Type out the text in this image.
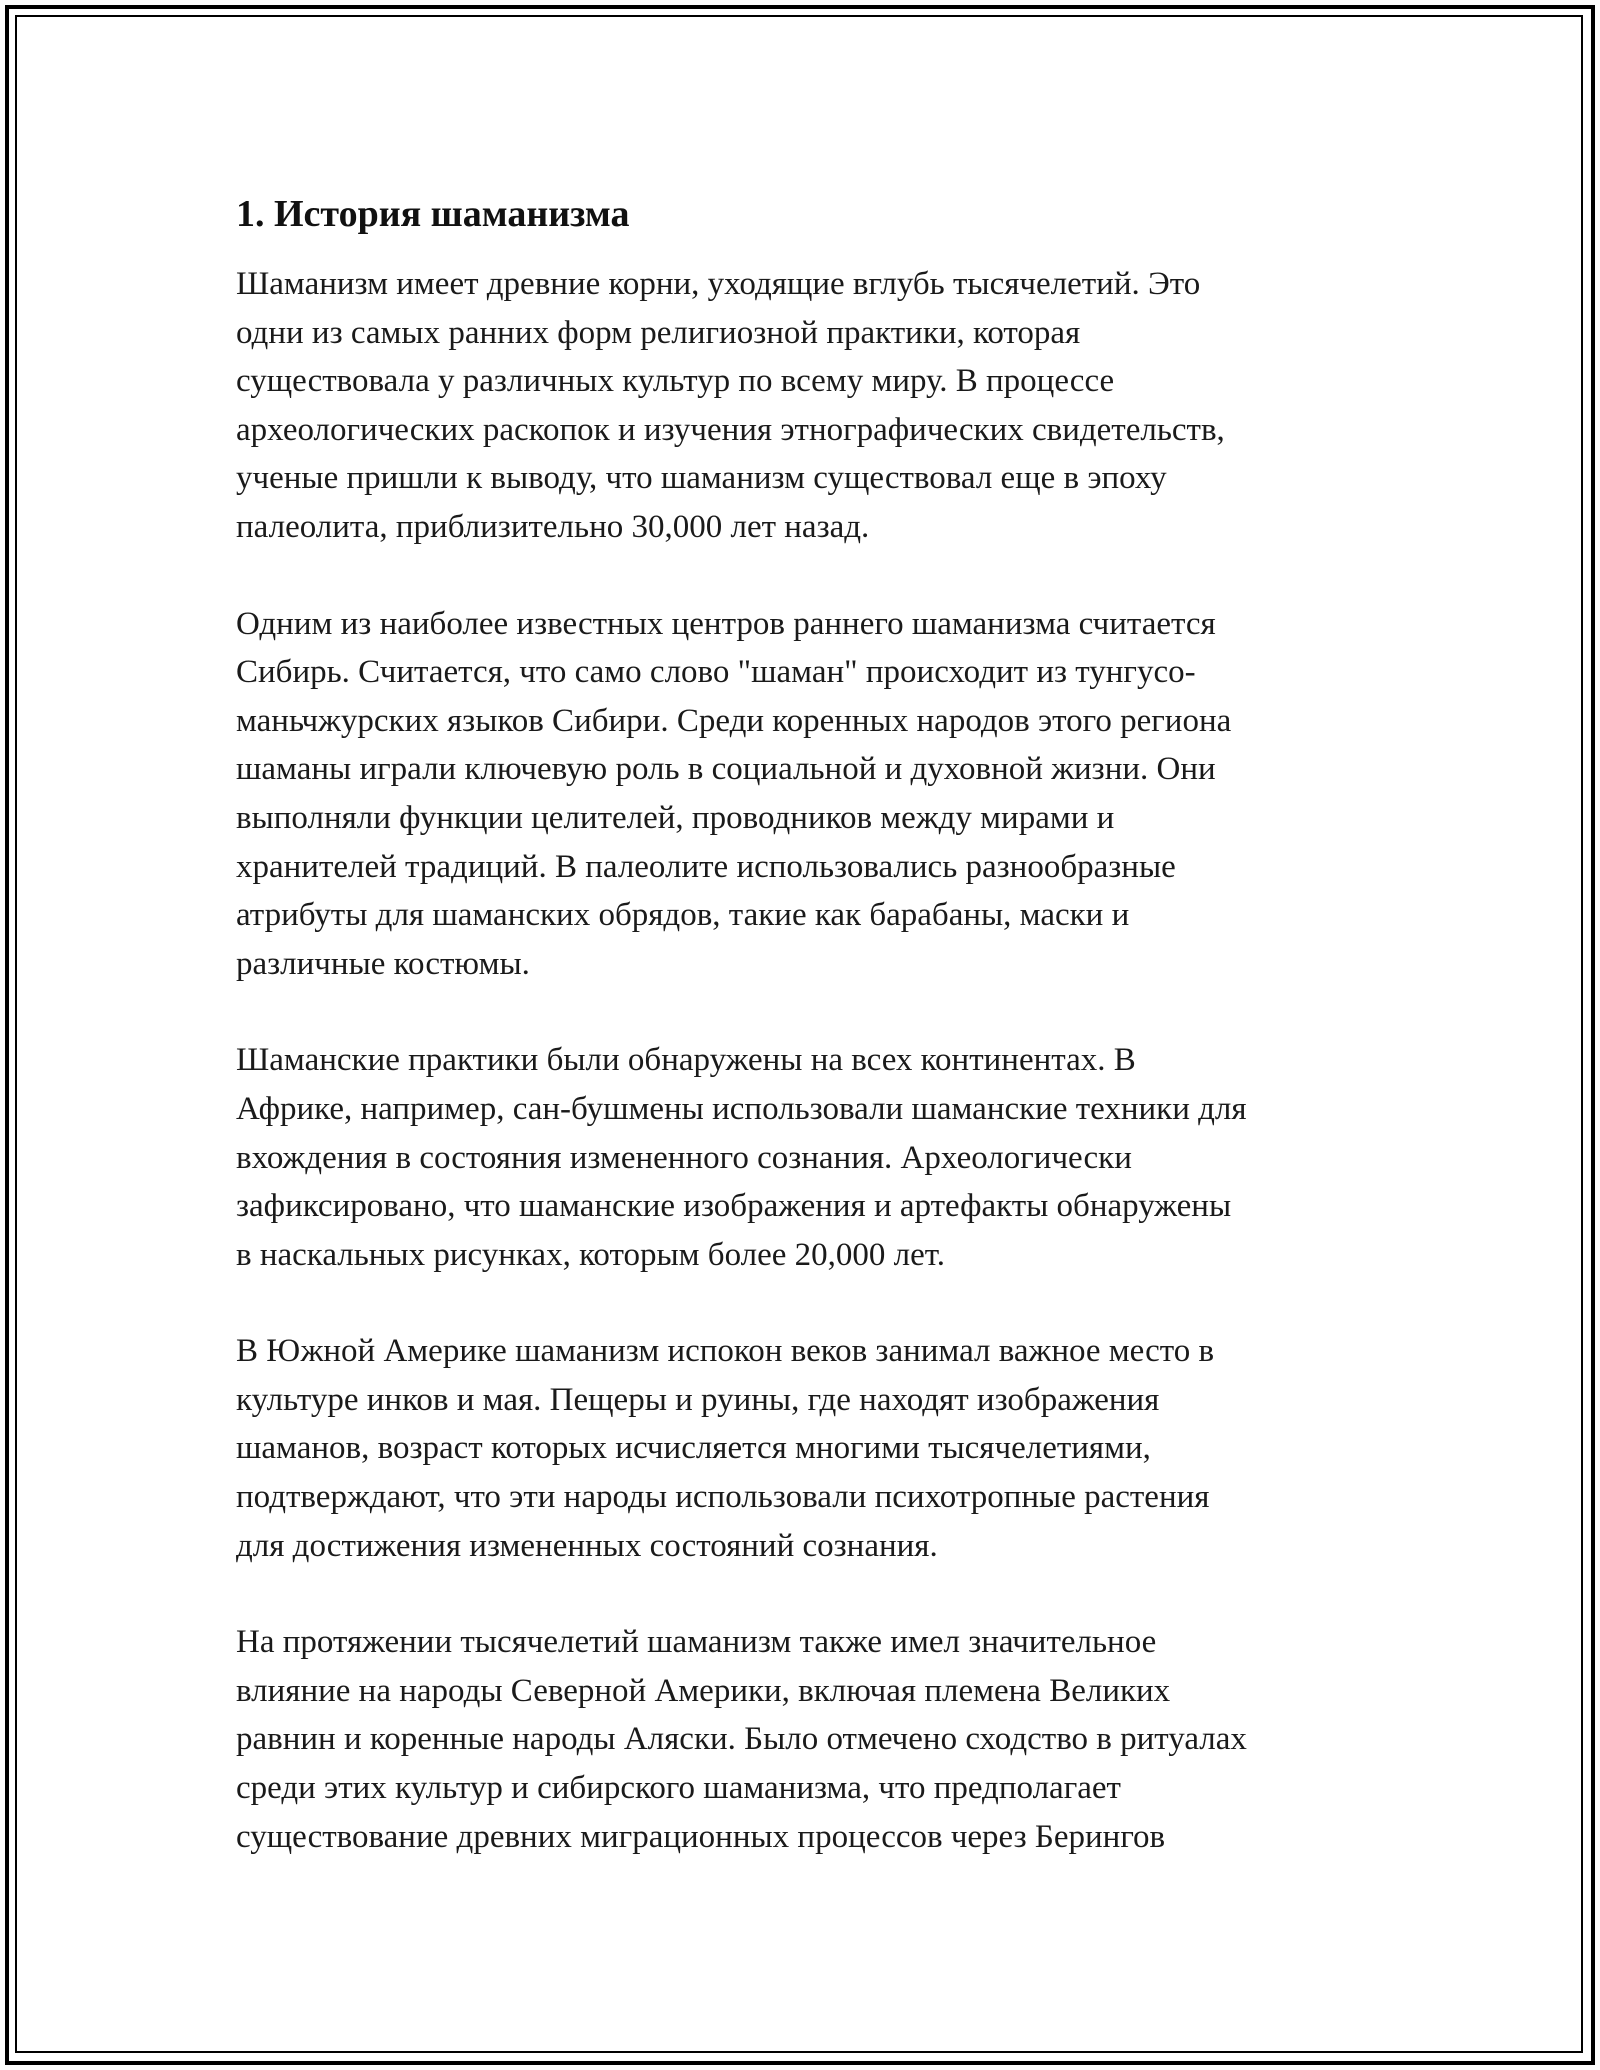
1. История шаманизма

Шаманизм имеет древние корни, уходящие вглубь тысячелетий. Это
одни из самых ранних форм религиозной практики, которая
существовала у различных культур по всему миру. В процессе
археологических раскопок и изучения этнографических свидетельств,
ученые пришли к выводу, что шаманизм существовал еще в эпоху
палеолита, приблизительно 30,000 лет назад.

Одним из наиболее известных центров раннего шаманизма считается
Сибирь. Считается, что само слово "шаман" происходит из тунгусо-
маньчжурских языков Сибири. Среди коренных народов этого региона
шаманы играли ключевую роль в социальной и духовной жизни. Они
выполняли функции целителей, проводников между мирами и
хранителей традиций. В палеолите использовались разнообразные
атрибуты для шаманских обрядов, такие как барабаны, маски и
различные костюмы.

Шаманские практики были обнаружены на всех континентах. В
Африке, например, сан-бушмены использовали шаманские техники для
вхождения в состояния измененного сознания. Археологически
зафиксировано, что шаманские изображения и артефакты обнаружены
в наскальных рисунках, которым более 20,000 лет.

В Южной Америке шаманизм испокон веков занимал важное место в
культуре инков и мая. Пещеры и руины, где находят изображения
шаманов, возраст которых исчисляется многими тысячелетиями,
подтверждают, что эти народы использовали психотропные растения
для достижения измененных состояний сознания.

На протяжении тысячелетий шаманизм также имел значительное
влияние на народы Северной Америки, включая племена Великих
равнин и коренные народы Аляски. Было отмечено сходство в ритуалах
среди этих культур и сибирского шаманизма, что предполагает
существование древних миграционных процессов через Берингов
